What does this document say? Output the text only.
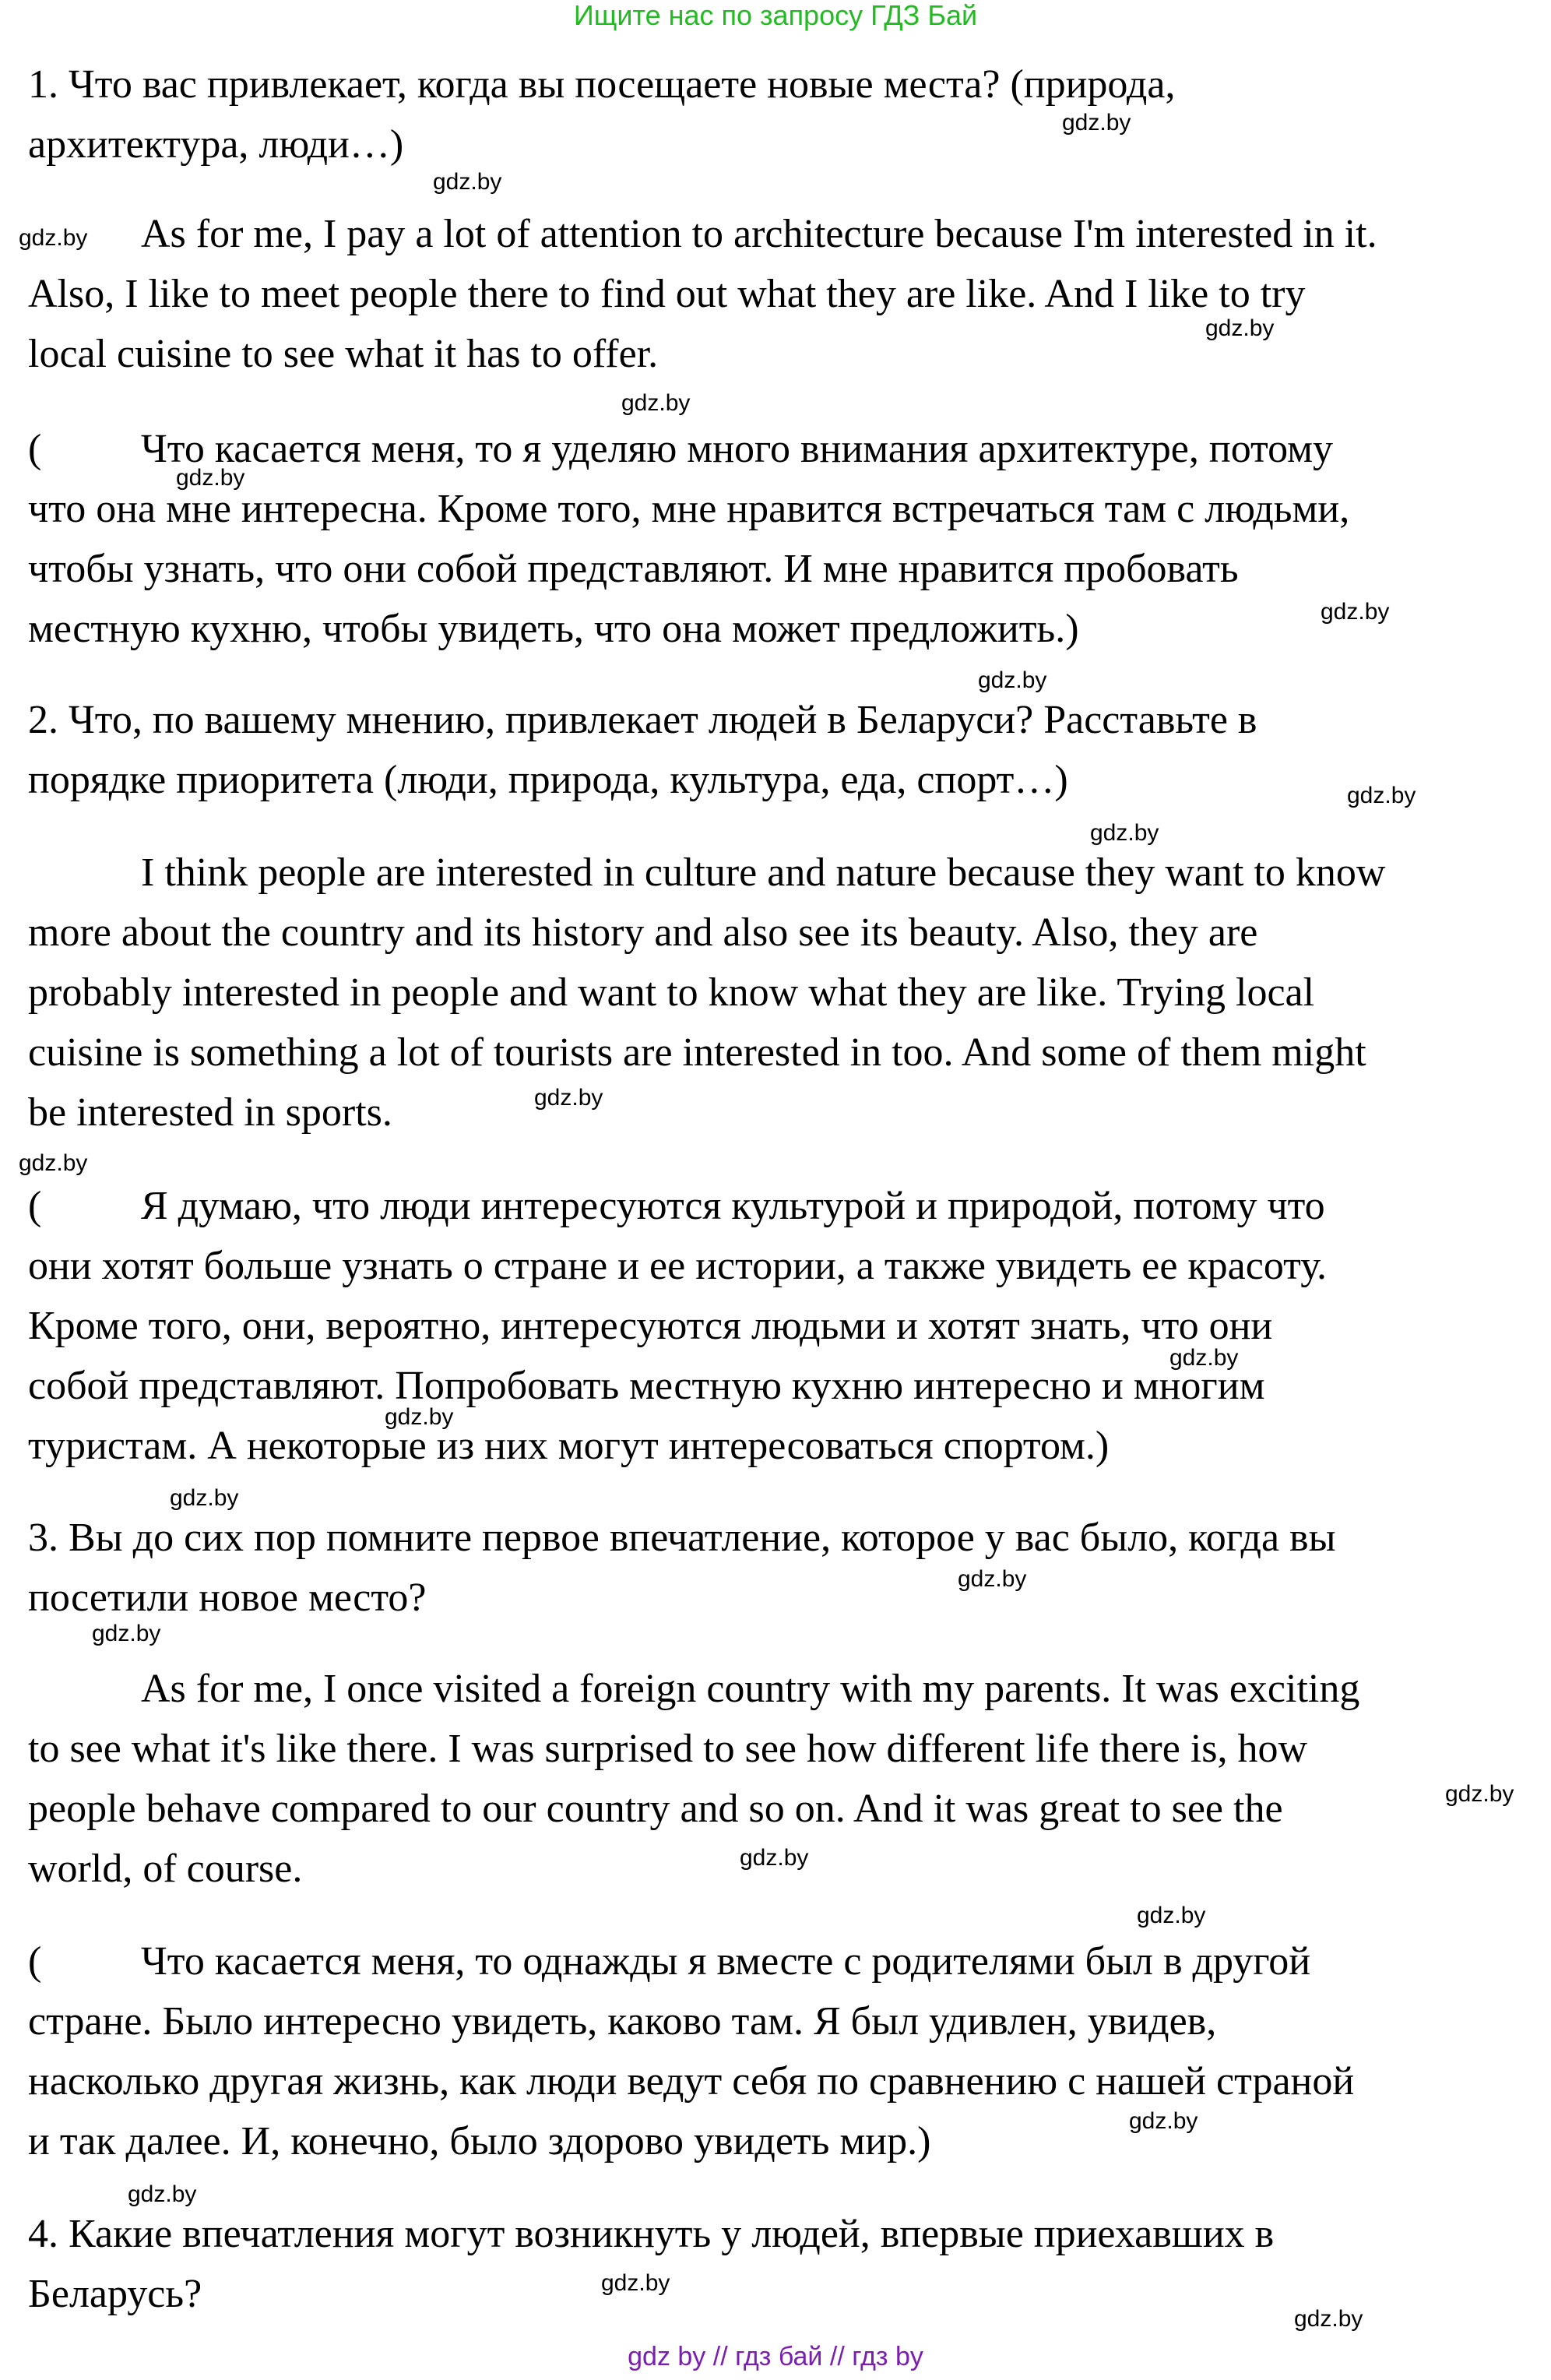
Ищите нас по запросу ГДЗ Бай
1. Что вас привлекает, когда вы посещаете новые места? (природа,
архитектура, люди…)
As for me, I pay a lot of attention to architecture because I'm interested in it.
Also, I like to meet people there to find out what they are like. And I like to try
local cuisine to see what it has to offer.
( Что касается меня, то я уделяю много внимания архитектуре, потому
что она мне интересна. Кроме того, мне нравится встречаться там с людьми,
чтобы узнать, что они собой представляют. И мне нравится пробовать
местную кухню, чтобы увидеть, что она может предложить.)
2. Что, по вашему мнению, привлекает людей в Беларуси? Расставьте в
порядке приоритета (люди, природа, культура, еда, спорт…)
I think people are interested in culture and nature because they want to know
more about the country and its history and also see its beauty. Also, they are
probably interested in people and want to know what they are like. Trying local
cuisine is something a lot of tourists are interested in too. And some of them might
be interested in sports.
( Я думаю, что люди интересуются культурой и природой, потому что
они хотят больше узнать о стране и ее истории, а также увидеть ее красоту.
Кроме того, они, вероятно, интересуются людьми и хотят знать, что они
собой представляют. Попробовать местную кухню интересно и многим
туристам. А некоторые из них могут интересоваться спортом.)
3. Вы до сих пор помните первое впечатление, которое у вас было, когда вы
посетили новое место?
As for me, I once visited a foreign country with my parents. It was exciting
to see what it's like there. I was surprised to see how different life there is, how
people behave compared to our country and so on. And it was great to see the
world, of course.
( Что касается меня, то однажды я вместе с родителями был в другой
стране. Было интересно увидеть, каково там. Я был удивлен, увидев,
насколько другая жизнь, как люди ведут себя по сравнению с нашей страной
и так далее. И, конечно, было здорово увидеть мир.)
4. Какие впечатления могут возникнуть у людей, впервые приехавших в
Беларусь?
gdz.by
gdz.by
gdz.by
gdz.by
gdz.by
gdz.by
gdz.by
gdz.by
gdz.by
gdz.by
gdz.by
gdz.by
gdz.by
gdz.by
gdz.by
gdz.by
gdz.by
gdz.by
gdz.by
gdz.by
gdz.by
gdz.by
gdz.by
gdz.by
gdz by // гдз бай // гдз by
